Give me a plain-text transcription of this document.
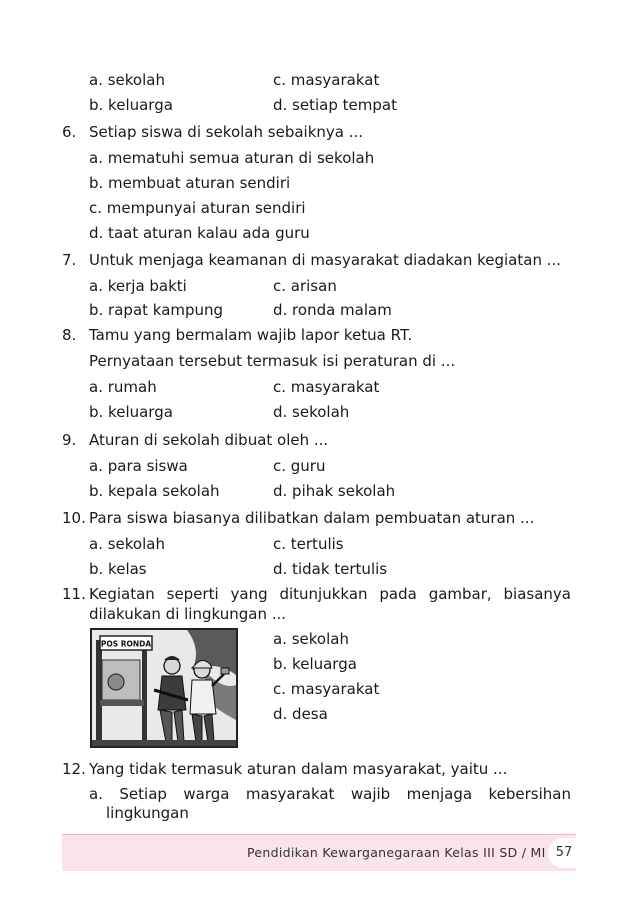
a. sekolah
b. keluarga
c. masyarakat
d. setiap tempat
6. Setiap siswa di sekolah sebaiknya ...
a. mematuhi semua aturan di sekolah
b. membuat aturan sendiri
c. mempunyai aturan sendiri
d. taat aturan kalau ada guru
7. Untuk menjaga keamanan di masyarakat diadakan kegiatan ...
a. kerja bakti
b. rapat kampung
c. arisan
d. ronda malam
8. Tamu yang bermalam wajib lapor ketua RT.
Pernyataan tersebut termasuk isi peraturan di ...
a. rumah
b. keluarga
c. masyarakat
d. sekolah
9. Aturan di sekolah dibuat oleh ...
a. para siswa
b. kepala sekolah
c. guru
d. pihak sekolah
10. Para siswa biasanya dilibatkan dalam pembuatan aturan ...
a. sekolah
b. kelas
c. tertulis
d. tidak tertulis
11. Kegiatan seperti yang ditunjukkan pada gambar, biasanya
dilakukan di lingkungan ...
POS RONDA	a. sekolah
b. keluarga
c. masyarakat
d. desa
12. Yang tidak termasuk aturan dalam masyarakat, yaitu ...
a. Setiap warga masyarakat wajib menjaga kebersihan
lingkungan
Pendidikan Kewarganegaraan Kelas III SD / MI 57
